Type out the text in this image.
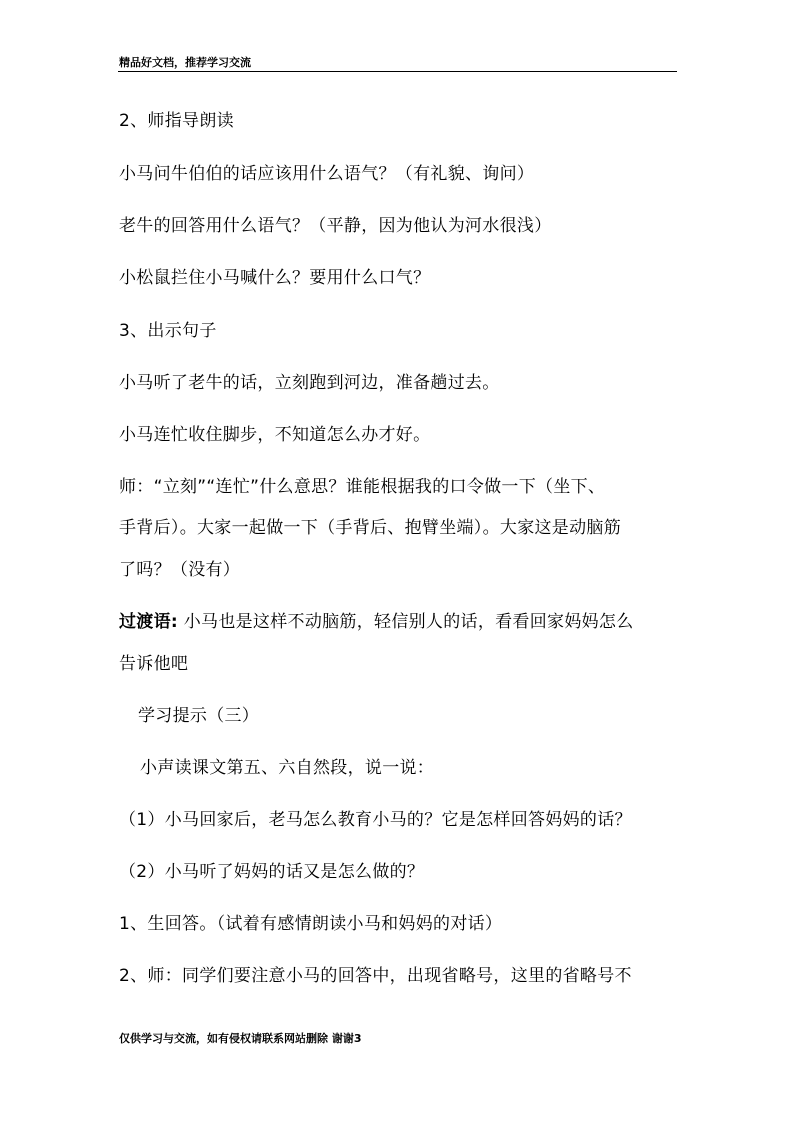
精品好文档，推荐学习交流
2、师指导朗读
小马问牛伯伯的话应该用什么语气？（有礼貌、询问）
老牛的回答用什么语气？（平静，因为他认为河水很浅）
小松鼠拦住小马喊什么？要用什么口气？
3、出示句子
小马听了老牛的话，立刻跑到河边，准备趟过去。
小马连忙收住脚步，不知道怎么办才好。
师：“立刻”“连忙”什么意思？谁能根据我的口令做一下（坐下、
手背后）。大家一起做一下（手背后、抱臂坐端）。大家这是动脑筋
了吗？（没有）
过渡语: 小马也是这样不动脑筋，轻信别人的话，看看回家妈妈怎么
告诉他吧
学习提示（三）
小声读课文第五、六自然段，说一说：
（1）小马回家后，老马怎么教育小马的？它是怎样回答妈妈的话？
（2）小马听了妈妈的话又是怎么做的？
1、生回答。（试着有感情朗读小马和妈妈的对话）
2、师：同学们要注意小马的回答中，出现省略号，这里的省略号不
仅供学习与交流，如有侵权请联系网站删除 谢谢3
